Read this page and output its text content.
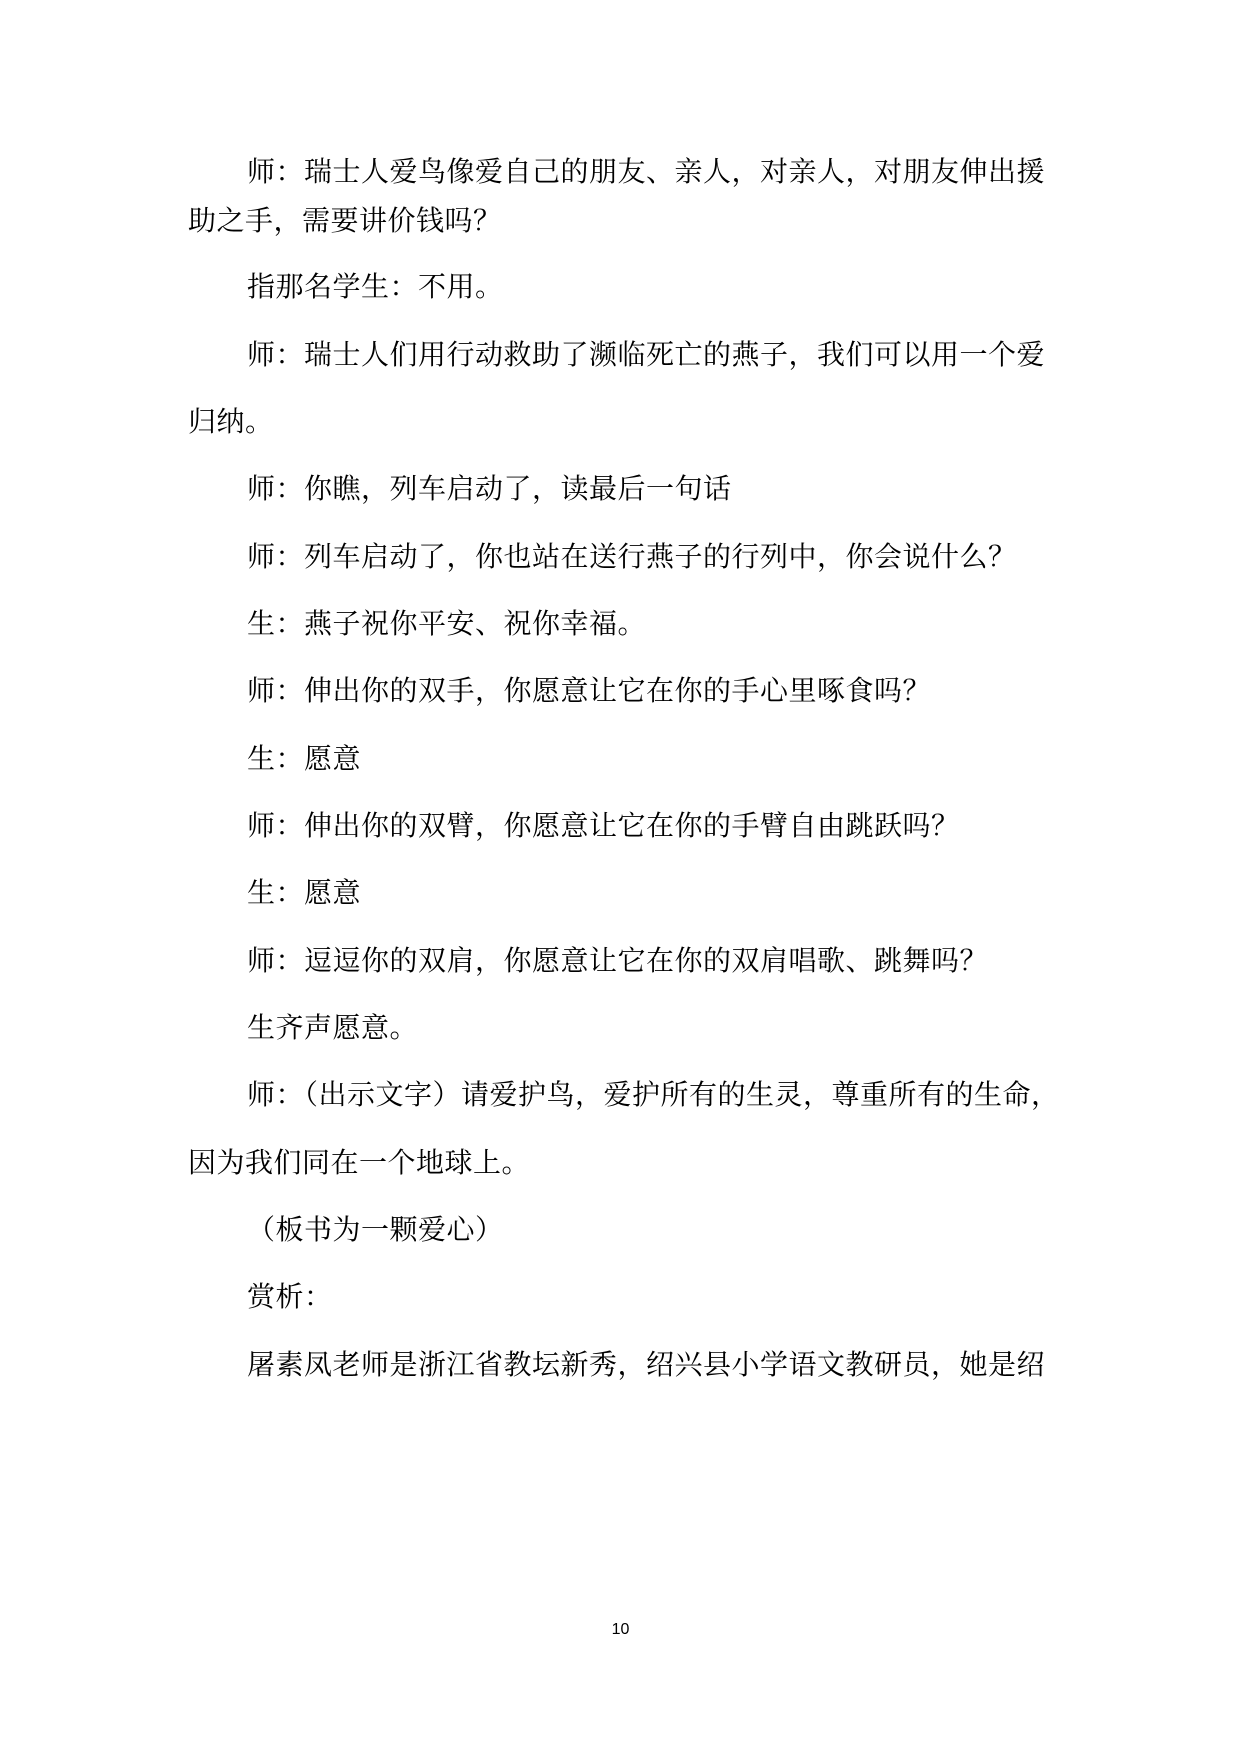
师：瑞士人爱鸟像爱自己的朋友、亲人，对亲人，对朋友伸出援
助之手，需要讲价钱吗？
指那名学生：不用。
师：瑞士人们用行动救助了濒临死亡的燕子，我们可以用一个爱
归纳。
师：你瞧，列车启动了，读最后一句话
师：列车启动了，你也站在送行燕子的行列中，你会说什么？
生：燕子祝你平安、祝你幸福。
师：伸出你的双手，你愿意让它在你的手心里啄食吗？
生：愿意
师：伸出你的双臂，你愿意让它在你的手臂自由跳跃吗？
生：愿意
师：逗逗你的双肩，你愿意让它在你的双肩唱歌、跳舞吗？
生齐声愿意。
师：（出示文字）请爱护鸟，爱护所有的生灵，尊重所有的生命，
因为我们同在一个地球上。
（板书为一颗爱心）
赏析：
屠素凤老师是浙江省教坛新秀，绍兴县小学语文教研员，她是绍
10
